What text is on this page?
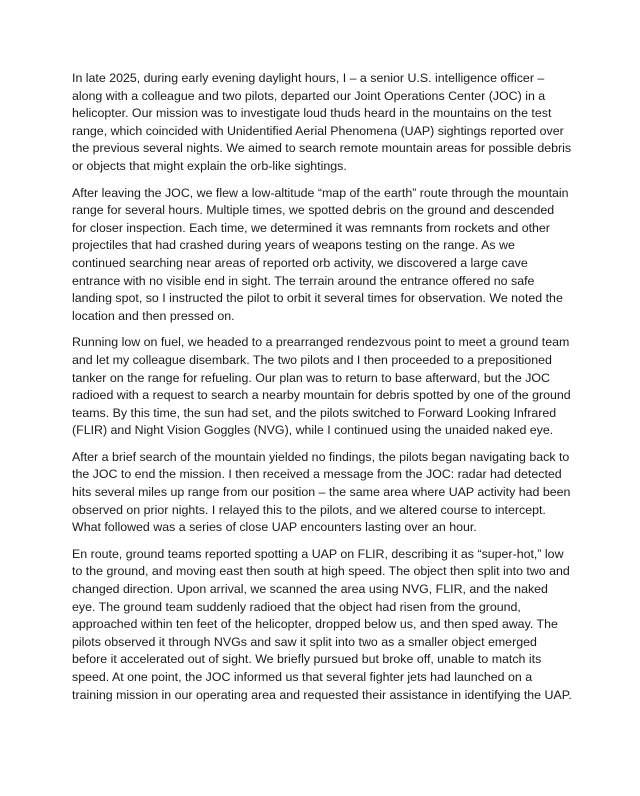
In late 2025, during early evening daylight hours, I – a senior U.S. intelligence officer – along with a colleague and two pilots, departed our Joint Operations Center (JOC) in a helicopter. Our mission was to investigate loud thuds heard in the mountains on the test range, which coincided with Unidentified Aerial Phenomena (UAP) sightings reported over the previous several nights. We aimed to search remote mountain areas for possible debris or objects that might explain the orb-like sightings.

After leaving the JOC, we flew a low-altitude “map of the earth” route through the mountain range for several hours. Multiple times, we spotted debris on the ground and descended for closer inspection. Each time, we determined it was remnants from rockets and other projectiles that had crashed during years of weapons testing on the range. As we continued searching near areas of reported orb activity, we discovered a large cave entrance with no visible end in sight. The terrain around the entrance offered no safe landing spot, so I instructed the pilot to orbit it several times for observation. We noted the location and then pressed on.

Running low on fuel, we headed to a prearranged rendezvous point to meet a ground team and let my colleague disembark. The two pilots and I then proceeded to a prepositioned tanker on the range for refueling. Our plan was to return to base afterward, but the JOC radioed with a request to search a nearby mountain for debris spotted by one of the ground teams. By this time, the sun had set, and the pilots switched to Forward Looking Infrared (FLIR) and Night Vision Goggles (NVG), while I continued using the unaided naked eye.

After a brief search of the mountain yielded no findings, the pilots began navigating back to the JOC to end the mission. I then received a message from the JOC: radar had detected hits several miles up range from our position – the same area where UAP activity had been observed on prior nights. I relayed this to the pilots, and we altered course to intercept. What followed was a series of close UAP encounters lasting over an hour.

En route, ground teams reported spotting a UAP on FLIR, describing it as “super-hot,” low to the ground, and moving east then south at high speed. The object then split into two and changed direction. Upon arrival, we scanned the area using NVG, FLIR, and the naked eye. The ground team suddenly radioed that the object had risen from the ground, approached within ten feet of the helicopter, dropped below us, and then sped away. The pilots observed it through NVGs and saw it split into two as a smaller object emerged before it accelerated out of sight. We briefly pursued but broke off, unable to match its speed. At one point, the JOC informed us that several fighter jets had launched on a training mission in our operating area and requested their assistance in identifying the UAP.
